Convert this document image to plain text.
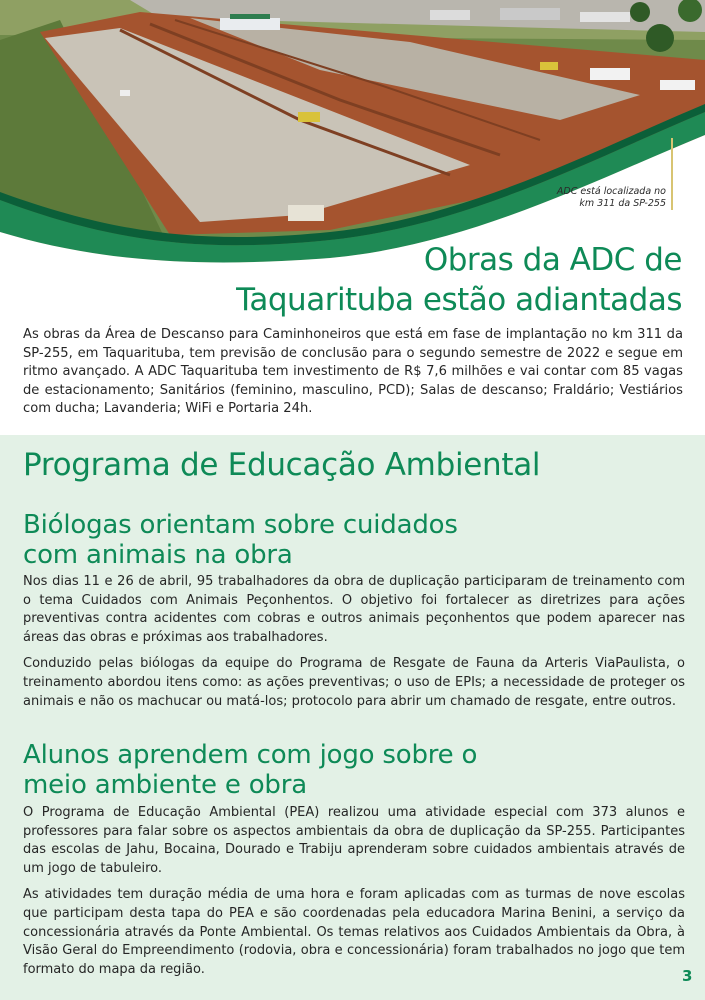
ADC está localizada no
km 311 da SP-255
Obras da ADC de
Taquarituba estão adiantadas
As obras da Área de Descanso para Caminhoneiros que está em fase de implantação no km 311 da SP-255, em Taquarituba, tem previsão de conclusão para o segundo semestre de 2022 e segue em ritmo avançado. A ADC Taquarituba tem investimento de R$ 7,6 milhões e vai contar com 85 vagas de estacionamento; Sanitários (feminino, masculino, PCD); Salas de descanso; Fraldário; Vestiários com ducha; Lavanderia; WiFi e Portaria 24h.
Programa de Educação Ambiental
Biólogas orientam sobre cuidados
com animais na obra

Nos dias 11 e 26 de abril, 95 trabalhadores da obra de duplicação participaram de treinamento com o tema Cuidados com Animais Peçonhentos. O objetivo foi fortalecer as diretrizes para ações preventivas contra acidentes com cobras e outros animais peçonhentos que podem aparecer nas áreas das obras e próximas aos trabalhadores.

Conduzido pelas biólogas da equipe do Programa de Resgate de Fauna da Arteris ViaPaulista, o treinamento abordou itens como: as ações preventivas; o uso de EPIs; a necessidade de proteger os animais e não os machucar ou matá-los; protocolo para abrir um chamado de resgate, entre outros.

Alunos aprendem com jogo sobre o
meio ambiente e obra

O Programa de Educação Ambiental (PEA) realizou uma atividade especial com 373 alunos e professores para falar sobre os aspectos ambientais da obra de duplicação da SP-255. Participantes das escolas de Jahu, Bocaina, Dourado e Trabiju aprenderam sobre cuidados ambientais através de um jogo de tabuleiro.

As atividades tem duração média de uma hora e foram aplicadas com as turmas de nove escolas que participam desta tapa do PEA e são coordenadas pela educadora Marina Benini, a serviço da concessionária através da Ponte Ambiental. Os temas relativos aos Cuidados Ambientais da Obra, à Visão Geral do Empreendimento (rodovia, obra e concessionária) foram trabalhados no jogo que tem formato do mapa da região.	3
